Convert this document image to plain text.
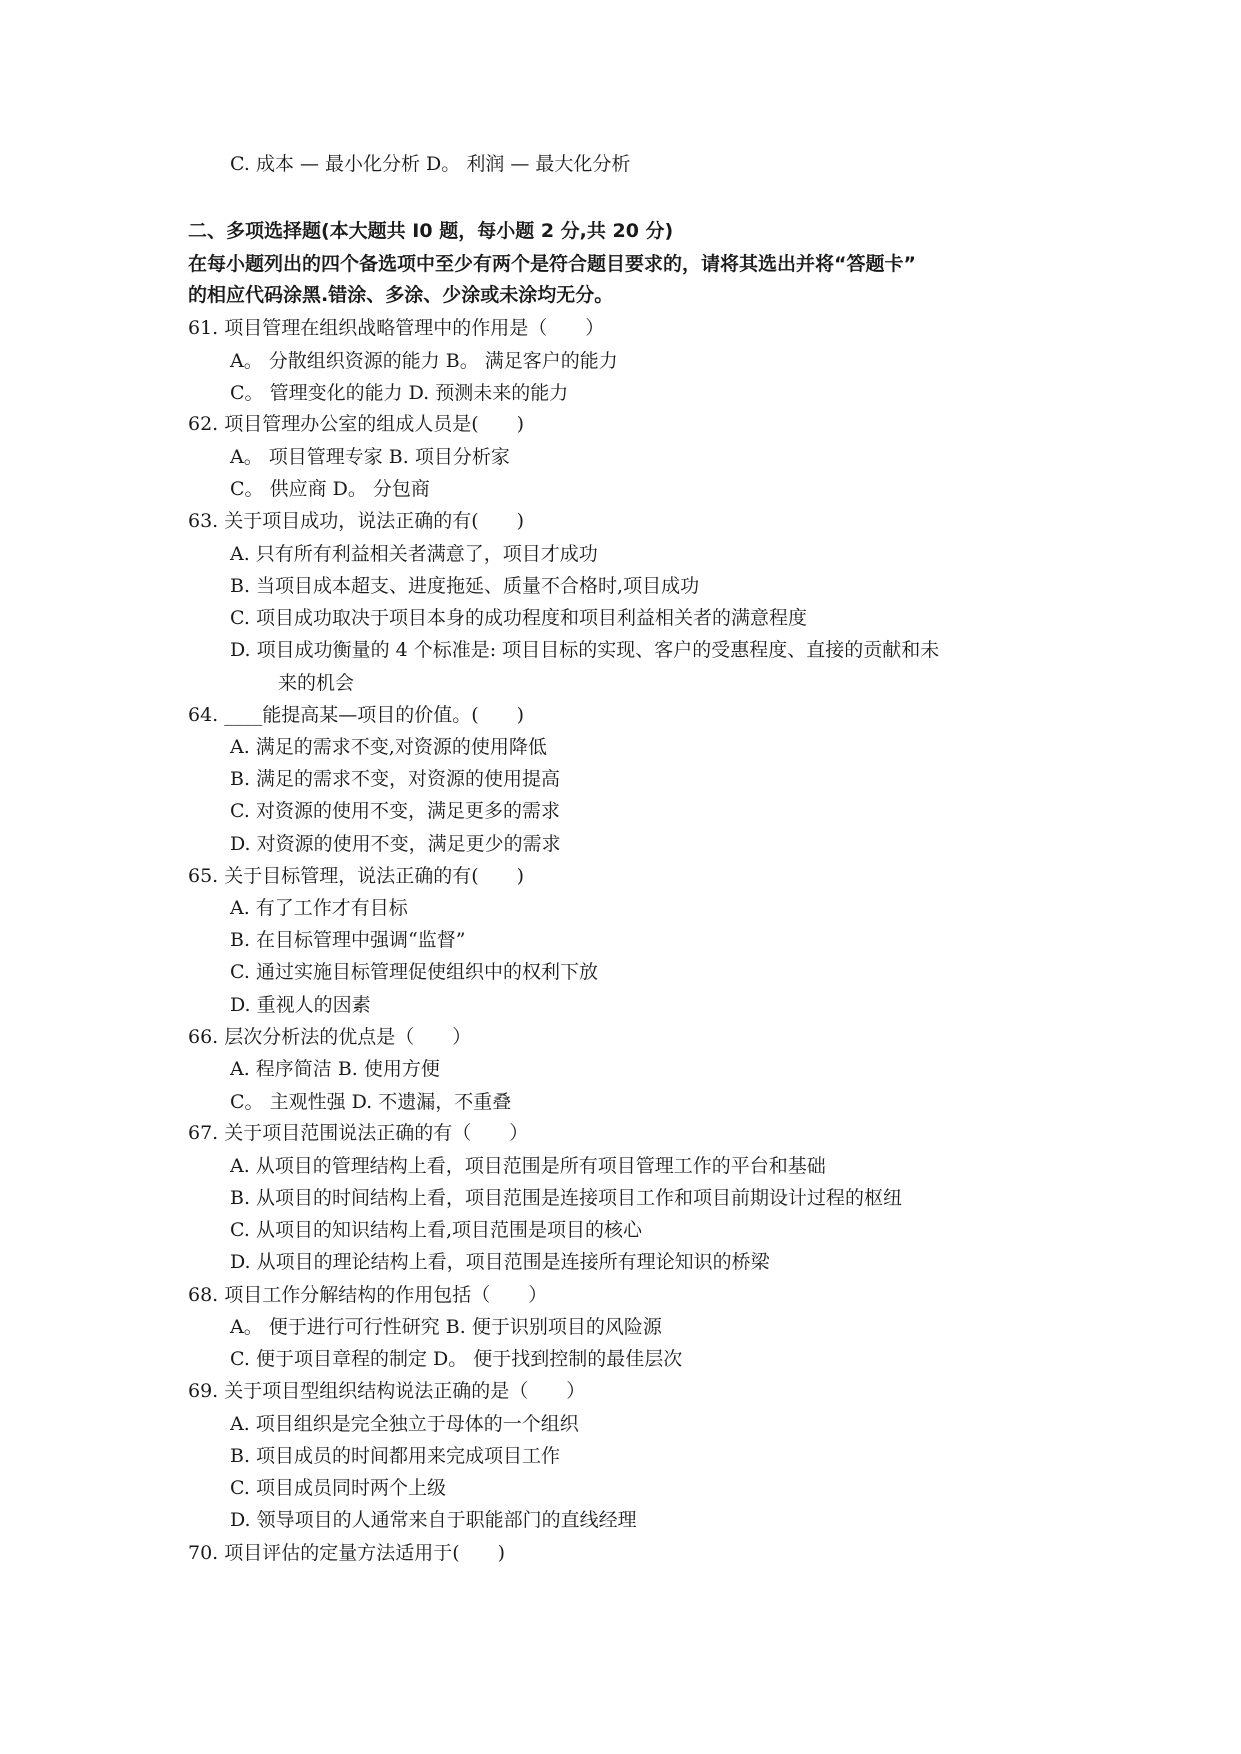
C. 成本 — 最小化分析 D。 利润 — 最大化分析
二、多项选择题(本大题共 I0 题，每小题 2 分,共 20 分)
在每小题列出的四个备选项中至少有两个是符合题目要求的，请将其选出并将“答题卡”
的相应代码涂黑.错涂、多涂、少涂或未涂均无分。
61. 项目管理在组织战略管理中的作用是（　　）
A。 分散组织资源的能力 B。 满足客户的能力
C。 管理变化的能力 D. 预测未来的能力
62. 项目管理办公室的组成人员是(　　)
A。 项目管理专家 B. 项目分析家
C。 供应商 D。 分包商
63. 关于项目成功，说法正确的有(　　)
A. 只有所有利益相关者满意了，项目才成功
B. 当项目成本超支、进度拖延、质量不合格时,项目成功
C. 项目成功取决于项目本身的成功程度和项目利益相关者的满意程度
D. 项目成功衡量的 4 个标准是: 项目目标的实现、客户的受惠程度、直接的贡献和未
来的机会
64. ____能提高某—项目的价值。(　　)
A. 满足的需求不变,对资源的使用降低
B. 满足的需求不变，对资源的使用提高
C. 对资源的使用不变，满足更多的需求
D. 对资源的使用不变，满足更少的需求
65. 关于目标管理，说法正确的有(　　)
A. 有了工作才有目标
B. 在目标管理中强调“监督”
C. 通过实施目标管理促使组织中的权利下放
D. 重视人的因素
66. 层次分析法的优点是（　　）
A. 程序简洁 B. 使用方便
C。 主观性强 D. 不遗漏，不重叠
67. 关于项目范围说法正确的有（　　）
A. 从项目的管理结构上看，项目范围是所有项目管理工作的平台和基础
B. 从项目的时间结构上看，项目范围是连接项目工作和项目前期设计过程的枢纽
C. 从项目的知识结构上看,项目范围是项目的核心
D. 从项目的理论结构上看，项目范围是连接所有理论知识的桥梁
68. 项目工作分解结构的作用包括（　　）
A。 便于进行可行性研究 B. 便于识别项目的风险源
C. 便于项目章程的制定 D。 便于找到控制的最佳层次
69. 关于项目型组织结构说法正确的是（　　）
A. 项目组织是完全独立于母体的一个组织
B. 项目成员的时间都用来完成项目工作
C. 项目成员同时两个上级
D. 领导项目的人通常来自于职能部门的直线经理
70. 项目评估的定量方法适用于(　　)
